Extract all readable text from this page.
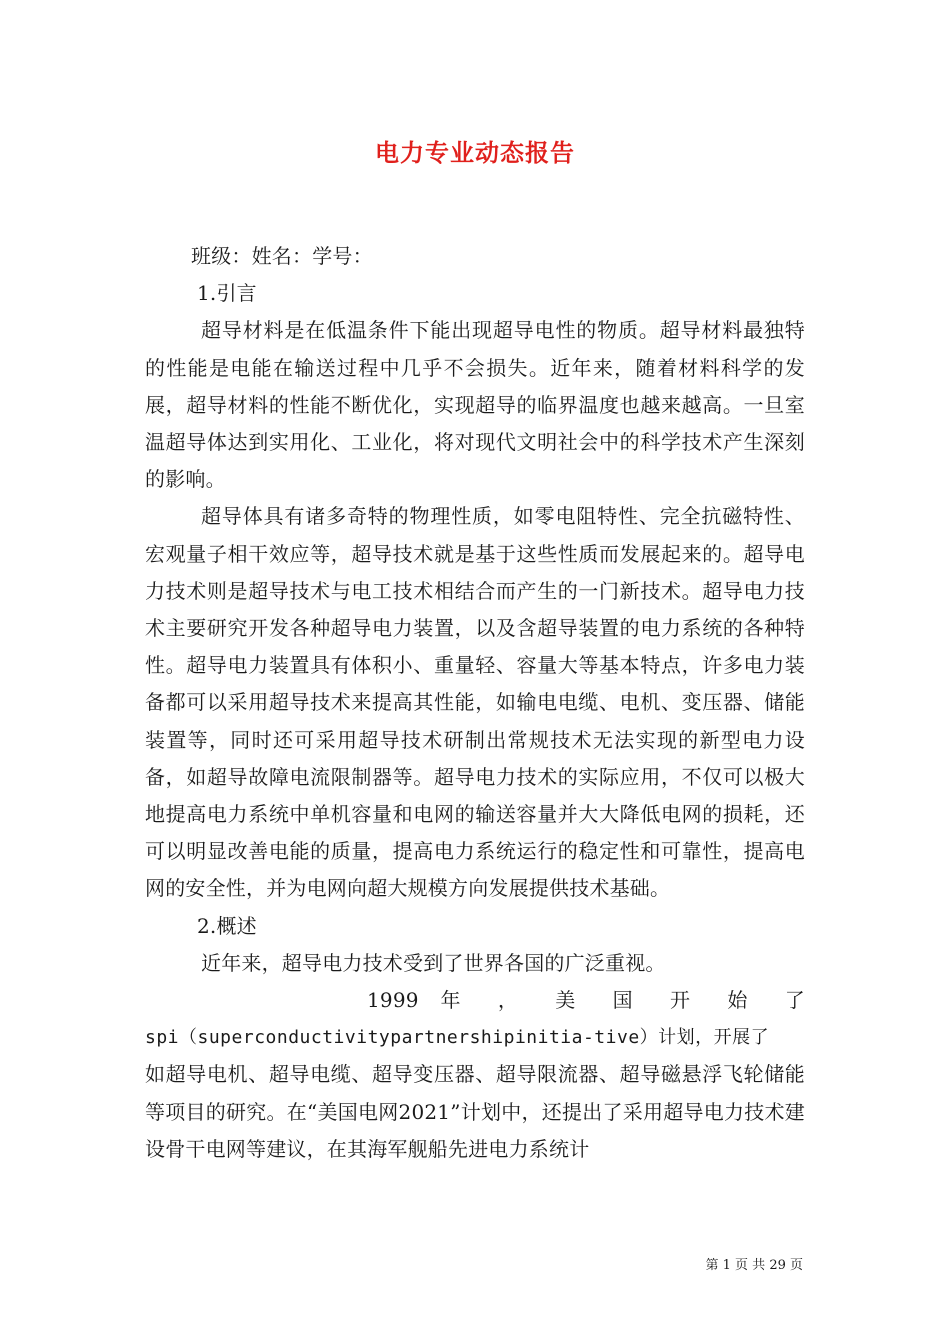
电力专业动态报告

班级：姓名：学号：

1.引言

超导材料是在低温条件下能出现超导电性的物质。超导材料最独特的性能是电能在输送过程中几乎不会损失。近年来，随着材料科学的发展，超导材料的性能不断优化，实现超导的临界温度也越来越高。一旦室温超导体达到实用化、工业化，将对现代文明社会中的科学技术产生深刻的影响。

超导体具有诸多奇特的物理性质，如零电阻特性、完全抗磁特性、宏观量子相干效应等，超导技术就是基于这些性质而发展起来的。超导电力技术则是超导技术与电工技术相结合而产生的一门新技术。超导电力技术主要研究开发各种超导电力装置，以及含超导装置的电力系统的各种特性。超导电力装置具有体积小、重量轻、容量大等基本特点，许多电力装备都可以采用超导技术来提高其性能，如输电电缆、电机、变压器、储能装置等，同时还可采用超导技术研制出常规技术无法实现的新型电力设备，如超导故障电流限制器等。超导电力技术的实际应用，不仅可以极大地提高电力系统中单机容量和电网的输送容量并大大降低电网的损耗，还可以明显改善电能的质量，提高电力系统运行的稳定性和可靠性，提高电网的安全性，并为电网向超大规模方向发展提供技术基础。

2.概述

近年来，超导电力技术受到了世界各国的广泛重视。

1999 年 ， 美 国 开 始 了

spi（superconductivitypartnershipinitia-tive）计划，开展了

如超导电机、超导电缆、超导变压器、超导限流器、超导磁悬浮飞轮储能等项目的研究。在“美国电网2021”计划中，还提出了采用超导电力技术建设骨干电网等建议，在其海军舰船先进电力系统计

第 1 页 共 29 页
